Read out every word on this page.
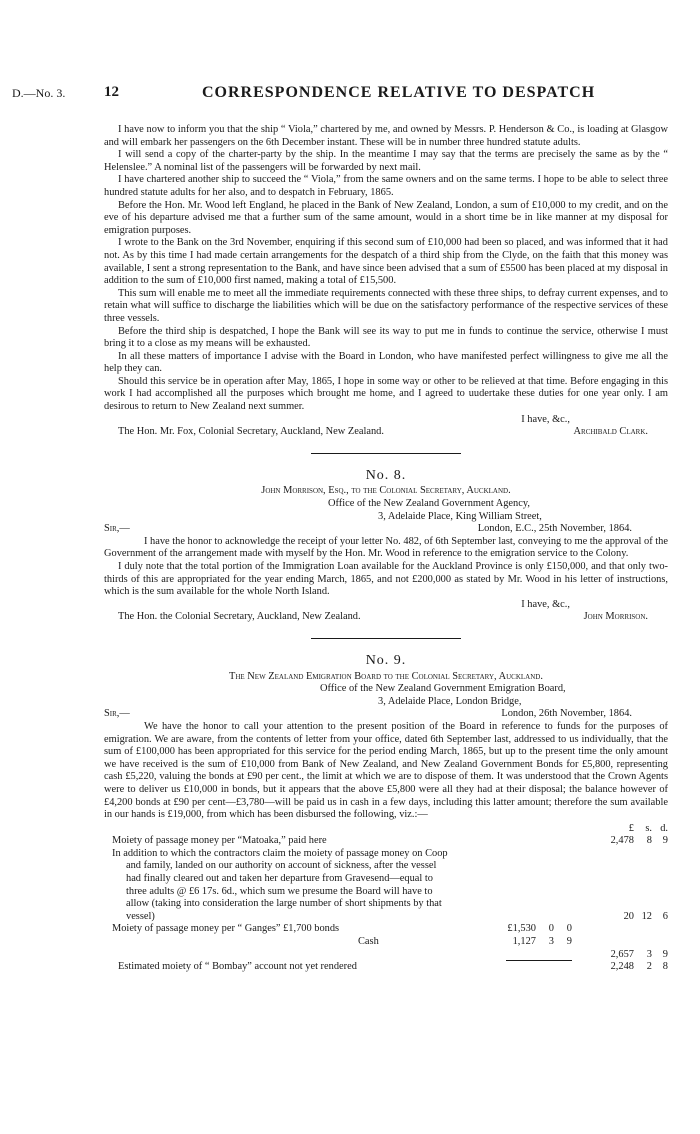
D.—No. 3.	12	CORRESPONDENCE RELATIVE TO DESPATCH

I have now to inform you that the ship “ Viola,” chartered by me, and owned by Messrs. P. Henderson & Co., is loading at Glasgow and will embark her passengers on the 6th December instant. These will be in number three hundred statute adults.

I will send a copy of the charter-party by the ship. In the meantime I may say that the terms are precisely the same as by the “ Helenslee.” A nominal list of the passengers will be forwarded by next mail.

I have chartered another ship to succeed the “ Viola,” from the same owners and on the same terms. I hope to be able to select three hundred statute adults for her also, and to despatch in February, 1865.

Before the Hon. Mr. Wood left England, he placed in the Bank of New Zealand, London, a sum of £10,000 to my credit, and on the eve of his departure advised me that a further sum of the same amount, would in a short time be in like manner at my disposal for emigration purposes.

I wrote to the Bank on the 3rd November, enquiring if this second sum of £10,000 had been so placed, and was informed that it had not. As by this time I had made certain arrangements for the despatch of a third ship from the Clyde, on the faith that this money was available, I sent a strong representation to the Bank, and have since been advised that a sum of £5500 has been placed at my disposal in addition to the sum of £10,000 first named, making a total of £15,500.

This sum will enable me to meet all the immediate requirements connected with these three ships, to defray current expenses, and to retain what will suffice to discharge the liabilities which will be due on the satisfactory performance of the respective services of these three vessels.

Before the third ship is despatched, I hope the Bank will see its way to put me in funds to continue the service, otherwise I must bring it to a close as my means will be exhausted.

In all these matters of importance I advise with the Board in London, who have manifested perfect willingness to give me all the help they can.

Should this service be in operation after May, 1865, I hope in some way or other to be relieved at that time. Before engaging in this work I had accomplished all the purposes which brought me home, and I agreed to uudertake these duties for one year only. I am desirous to return to New Zealand next summer.

I have, &c.,
The Hon. Mr. Fox, Colonial Secretary, Auckland, New Zealand.	Archibald Clark.
No. 8.
John Morrison, Esq., to the Colonial Secretary, Auckland.
Office of the New Zealand Government Agency,
3, Adelaide Place, King William Street,
Sir,—	London, E.C., 25th November, 1864.

I have the honor to acknowledge the receipt of your letter No. 482, of 6th September last, conveying to me the approval of the Government of the arrangement made with myself by the Hon. Mr. Wood in reference to the emigration service to the Colony.

I duly note that the total portion of the Immigration Loan available for the Auckland Province is only £150,000, and that only two-thirds of this are appropriated for the year ending March, 1865, and not £200,000 as stated by Mr. Wood in his letter of instructions, which is the sum available for the whole North Island.

I have, &c.,
The Hon. the Colonial Secretary, Auckland, New Zealand.	John Morrison.
No. 9.
The New Zealand Emigration Board to the Colonial Secretary, Auckland.
Office of the New Zealand Government Emigration Board,
3, Adelaide Place, London Bridge,
Sir,—	London, 26th November, 1864.

We have the honor to call your attention to the present position of the Board in reference to funds for the purposes of emigration. We are aware, from the contents of letter from your office, dated 6th September last, addressed to us individually, that the sum of £100,000 has been appropriated for this service for the period ending March, 1865, but up to the present time the only amount we have received is the sum of £10,000 from Bank of New Zealand, and New Zealand Government Bonds for £5,800, representing cash £5,220, valuing the bonds at £90 per cent., the limit at which we are to dispose of them. It was understood that the Crown Agents were to deliver us £10,000 in bonds, but it appears that the above £5,800 were all they had at their disposal; the balance however of £4,200 bonds at £90 per cent—£3,780—will be paid us in cash in a few days, including this latter amount; therefore the sum available in our hands is £19,000, from which has been disbursed the following, viz.:—

£	s. d.
Moiety of passage money per “Matoaka,” paid here	2,478	8	9
In addition to which the contractors claim the moiety of passage money on Coop
and family, landed on our authority on account of sickness, after the vessel
had finally cleared out and taken her departure from Gravesend—equal to
three adults @ £6 17s. 6d., which sum we presume the Board will have to
allow (taking into consideration the large number of short shipments by that
vessel)	20 12	6
Moiety of passage money per “ Ganges” £1,700 bonds	£1,530	0	0
Cash	1,127	3	9
2,657	3	9
Estimated moiety of “ Bombay” account not yet rendered	2,248	2	8
